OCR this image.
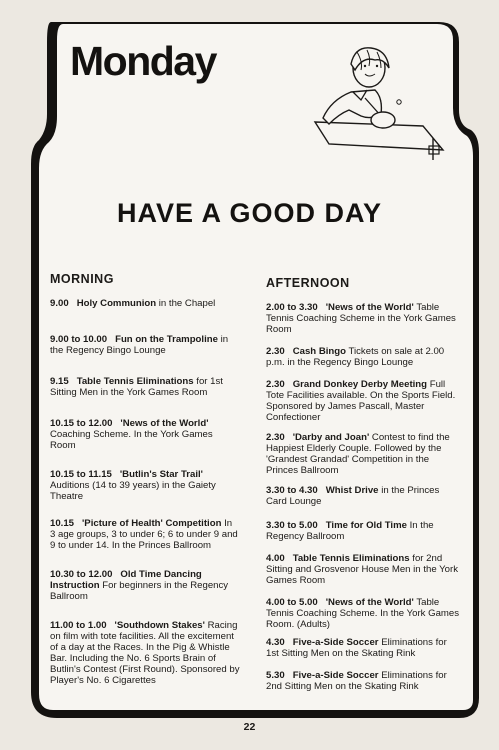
Monday
HAVE A GOOD DAY
MORNING

9.00 Holy Communion in the Chapel

9.00 to 10.00 Fun on the Trampoline in the Regency Bingo Lounge

9.15 Table Tennis Eliminations for 1st Sitting Men in the York Games Room

10.15 to 12.00 'News of the World' Coaching Scheme. In the York Games Room

10.15 to 11.15 'Butlin's Star Trail' Auditions (14 to 39 years) in the Gaiety Theatre

10.15 'Picture of Health' Competition In 3 age groups, 3 to under 6; 6 to under 9 and 9 to under 14. In the Princes Ballroom

10.30 to 12.00 Old Time Dancing Instruction For beginners in the Regency Ballroom

11.00 to 1.00 'Southdown Stakes' Racing on film with tote facilities. All the excitement of a day at the Races. In the Pig & Whistle Bar. Including the No. 6 Sports Brain of Butlin's Contest (First Round). Sponsored by Player's No. 6 Cigarettes

AFTERNOON

2.00 to 3.30 'News of the World' Table Tennis Coaching Scheme in the York Games Room

2.30 Cash Bingo Tickets on sale at 2.00 p.m. in the Regency Bingo Lounge

2.30 Grand Donkey Derby Meeting Full Tote Facilities available. On the Sports Field. Sponsored by James Pascall, Master Confectioner

2.30 'Darby and Joan' Contest to find the Happiest Elderly Couple. Followed by the 'Grandest Grandad' Competition in the Princes Ballroom

3.30 to 4.30 Whist Drive in the Princes Card Lounge

3.30 to 5.00 Time for Old Time In the Regency Ballroom

4.00 Table Tennis Eliminations for 2nd Sitting and Grosvenor House Men in the York Games Room

4.00 to 5.00 'News of the World' Table Tennis Coaching Scheme. In the York Games Room. (Adults)

4.30 Five-a-Side Soccer Eliminations for 1st Sitting Men on the Skating Rink

5.30 Five-a-Side Soccer Eliminations for 2nd Sitting Men on the Skating Rink

22
